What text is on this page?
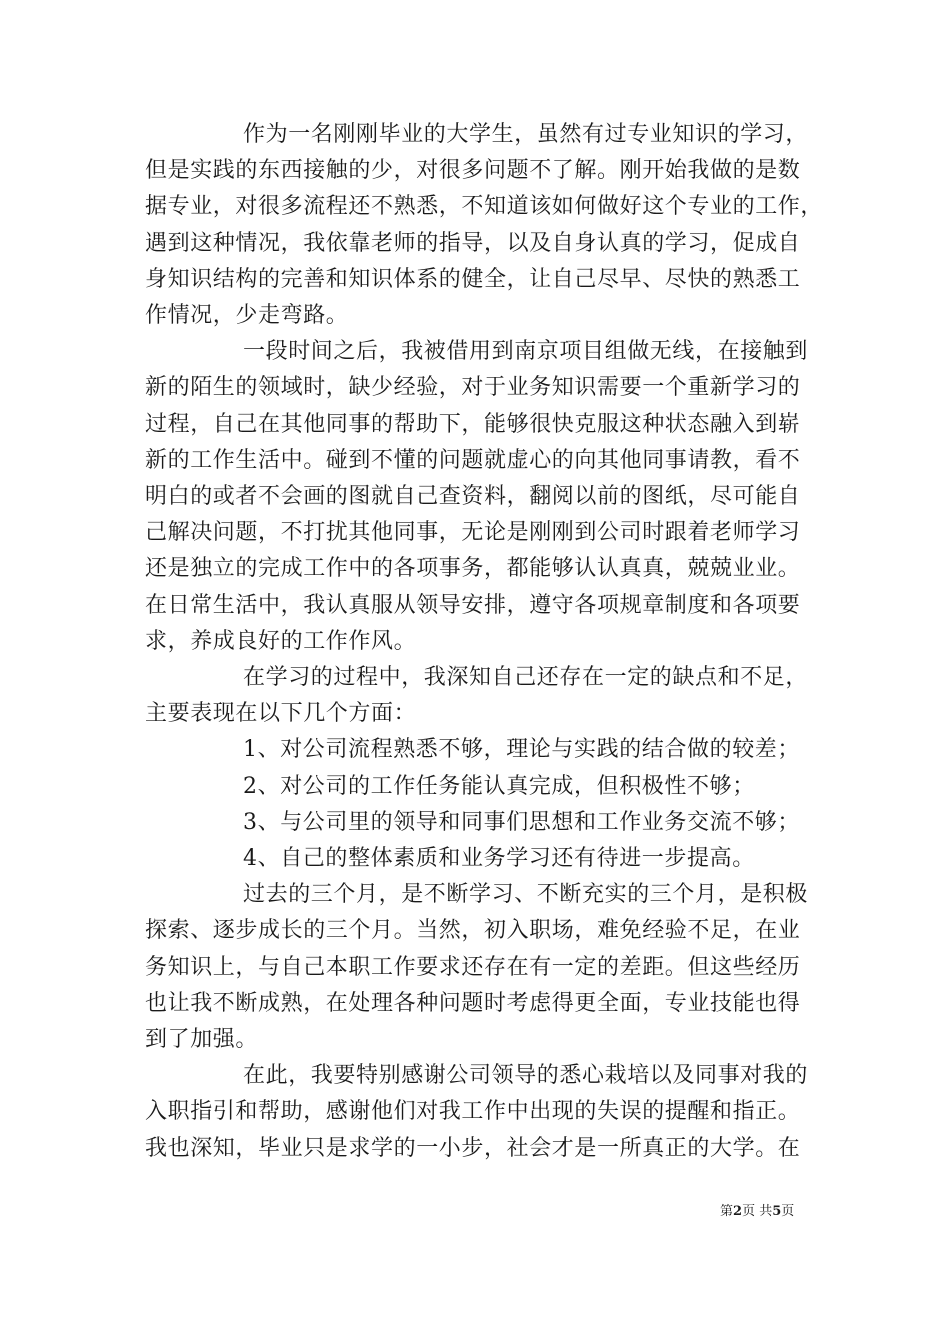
作为一名刚刚毕业的大学生，虽然有过专业知识的学习，
但是实践的东西接触的少，对很多问题不了解。刚开始我做的是数
据专业，对很多流程还不熟悉，不知道该如何做好这个专业的工作，
遇到这种情况，我依靠老师的指导，以及自身认真的学习，促成自
身知识结构的完善和知识体系的健全，让自己尽早、尽快的熟悉工
作情况，少走弯路。
一段时间之后，我被借用到南京项目组做无线，在接触到
新的陌生的领域时，缺少经验，对于业务知识需要一个重新学习的
过程，自己在其他同事的帮助下，能够很快克服这种状态融入到崭
新的工作生活中。碰到不懂的问题就虚心的向其他同事请教，看不
明白的或者不会画的图就自己查资料，翻阅以前的图纸，尽可能自
己解决问题，不打扰其他同事，无论是刚刚到公司时跟着老师学习
还是独立的完成工作中的各项事务，都能够认认真真，兢兢业业。
在日常生活中，我认真服从领导安排，遵守各项规章制度和各项要
求，养成良好的工作作风。
在学习的过程中，我深知自己还存在一定的缺点和不足，
主要表现在以下几个方面：
1、对公司流程熟悉不够，理论与实践的结合做的较差；
2、对公司的工作任务能认真完成，但积极性不够；
3、与公司里的领导和同事们思想和工作业务交流不够；
4、自己的整体素质和业务学习还有待进一步提高。
过去的三个月，是不断学习、不断充实的三个月，是积极
探索、逐步成长的三个月。当然，初入职场，难免经验不足，在业
务知识上，与自己本职工作要求还存在有一定的差距。但这些经历
也让我不断成熟，在处理各种问题时考虑得更全面，专业技能也得
到了加强。
在此，我要特别感谢公司领导的悉心栽培以及同事对我的
入职指引和帮助，感谢他们对我工作中出现的失误的提醒和指正。
我也深知，毕业只是求学的一小步，社会才是一所真正的大学。在
第2页 共5页
